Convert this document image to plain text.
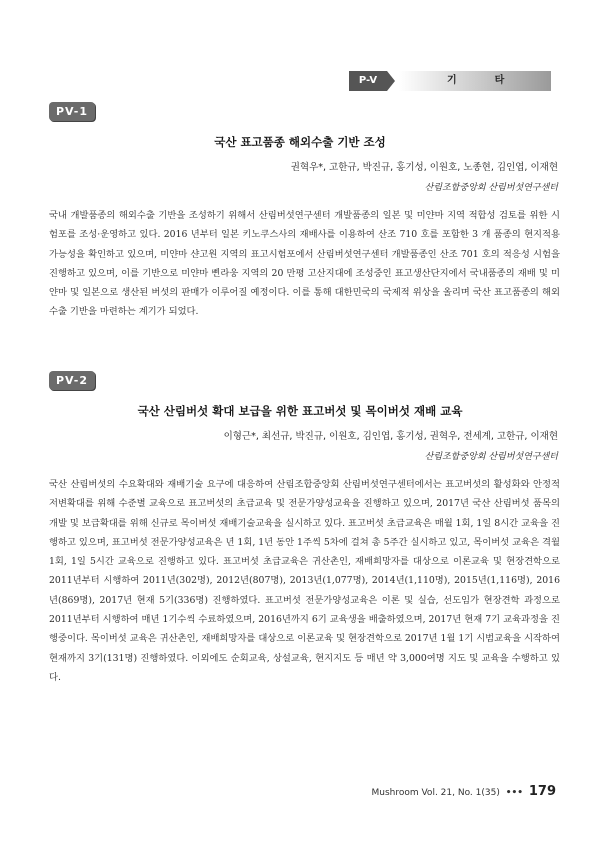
P-V	기타
PV-1
국산 표고품종 해외수출 기반 조성
권혁우*, 고한규, 박진규, 홍기성, 이원호, 노종현, 김인엽, 이재현
산림조합중앙회 산림버섯연구센터

국내 개발품종의 해외수출 기반을 조성하기 위해서 산림버섯연구센터 개발품종의 일본 및 미얀마 지역 적합성 검토를 위한 시험포를 조성·운영하고 있다. 2016 년부터 일본 키노쿠스사의 재배사를 이용하여 산조 710 호를 포함한 3 개 품종의 현지적용 가능성을 확인하고 있으며, 미얀마 샨고원 지역의 표고시험포에서 산림버섯연구센터 개발품종인 산조 701 호의 적응성 시험을 진행하고 있으며, 이를 기반으로 미얀마 삔라웅 지역의 20 만평 고산지대에 조성중인 표고생산단지에서 국내품종의 재배 및 미얀마 및 일본으로 생산된 버섯의 판매가 이루어질 예정이다. 이를 통해 대한민국의 국제적 위상을 올리며 국산 표고품종의 해외수출 기반을 마련하는 계기가 되었다.

PV-2
국산 산림버섯 확대 보급을 위한 표고버섯 및 목이버섯 재배 교육
이형근*, 최선규, 박진규, 이원호, 김인엽, 홍기성, 권혁우, 전세계, 고한규, 이재현
산림조합중앙회 산림버섯연구센터

국산 산림버섯의 수요확대와 재배기술 요구에 대응하여 산림조합중앙회 산림버섯연구센터에서는 표고버섯의 활성화와 안정적 저변확대를 위해 수준별 교육으로 표고버섯의 초급교육 및 전문가양성교육을 진행하고 있으며, 2017년 국산 산림버섯 품목의 개발 및 보급확대를 위해 신규로 목이버섯 재배기술교육을 실시하고 있다. 표고버섯 초급교육은 매월 1회, 1일 8시간 교육을 진행하고 있으며, 표고버섯 전문가양성교육은 년 1회, 1년 동안 1주씩 5차에 걸쳐 총 5주간 실시하고 있고, 목이버섯 교육은 격월 1회, 1일 5시간 교육으로 진행하고 있다. 표고버섯 초급교육은 귀산촌인, 재배희망자를 대상으로 이론교육 및 현장견학으로 2011년부터 시행하여 2011년(302명), 2012년(807명), 2013년(1,077명), 2014년(1,110명), 2015년(1,116명), 2016년(869명), 2017년 현재 5기(336명) 진행하였다. 표고버섯 전문가양성교육은 이론 및 실습, 선도임가 현장견학 과정으로 2011년부터 시행하여 매년 1기수씩 수료하였으며, 2016년까지 6기 교육생을 배출하였으며, 2017년 현재 7기 교육과정을 진행중이다. 목이버섯 교육은 귀산촌인, 재배희망자를 대상으로 이론교육 및 현장견학으로 2017년 1월 1기 시범교육을 시작하여 현재까지 3기(131명) 진행하였다. 이외에도 순회교육, 상설교육, 현지지도 등 매년 약 3,000여명 지도 및 교육을 수행하고 있다.

Mushroom Vol. 21, No. 1(35) ••• 179
